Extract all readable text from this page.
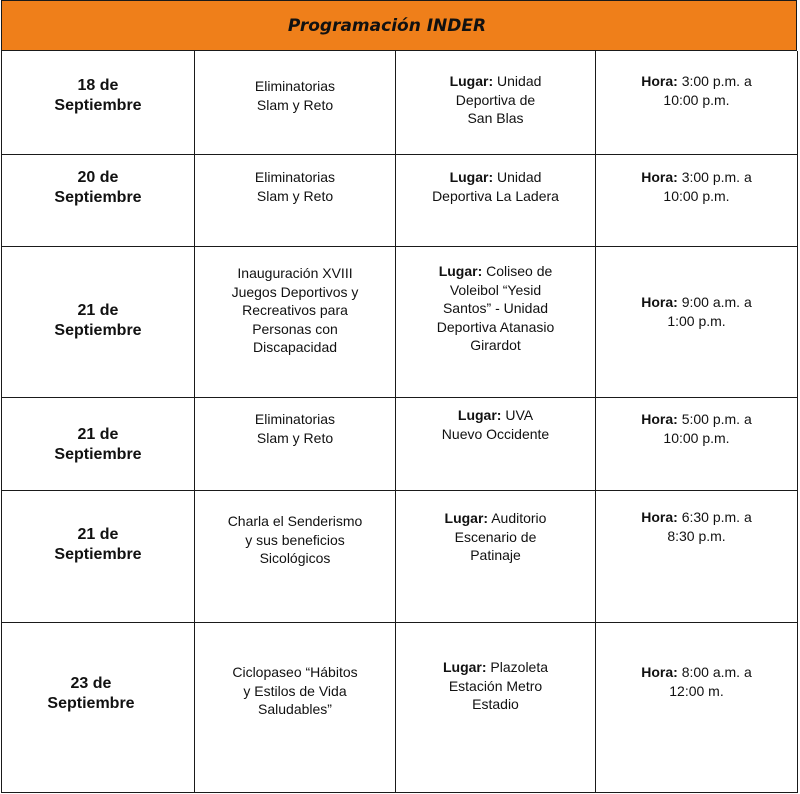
Programación INDER
18 de
Septiembre
Eliminatorias
Slam y Reto
Lugar: Unidad
Deportiva de
San Blas
Hora: 3:00 p.m. a
10:00 p.m.
20 de
Septiembre
Eliminatorias
Slam y Reto
Lugar: Unidad
Deportiva La Ladera
Hora: 3:00 p.m. a
10:00 p.m.
21 de
Septiembre
Inauguración XVIII
Juegos Deportivos y
Recreativos para
Personas con
Discapacidad
Lugar: Coliseo de
Voleibol “Yesid
Santos” - Unidad
Deportiva Atanasio
Girardot
Hora: 9:00 a.m. a
1:00 p.m.
21 de
Septiembre
Eliminatorias
Slam y Reto
Lugar: UVA
Nuevo Occidente
Hora: 5:00 p.m. a
10:00 p.m.
21 de
Septiembre
Charla el Senderismo
y sus beneficios
Sicológicos
Lugar: Auditorio
Escenario de
Patinaje
Hora: 6:30 p.m. a
8:30 p.m.
23 de
Septiembre
Ciclopaseo “Hábitos
y Estilos de Vida
Saludables”
Lugar: Plazoleta
Estación Metro
Estadio
Hora: 8:00 a.m. a
12:00 m.
